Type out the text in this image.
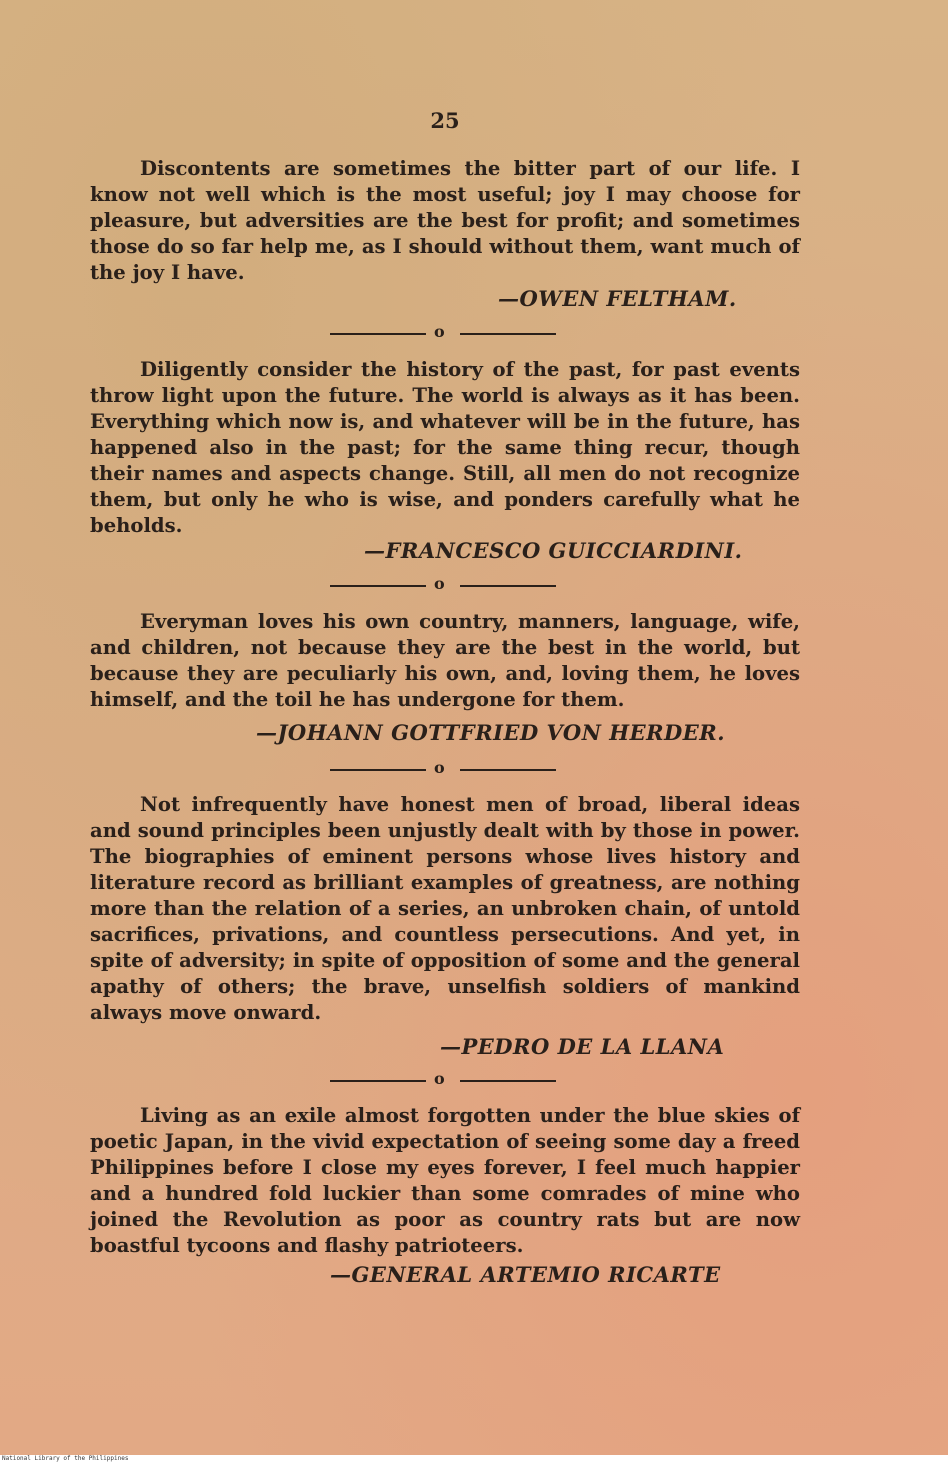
25

Discontents are sometimes the bitter part of our life. I know not well which is the most useful; joy I may choose for pleasure, but adversities are the best for profit; and sometimes those do so far help me, as I should without them, want much of the joy I have.

—OWEN FELTHAM.
o

Diligently consider the history of the past, for past events throw light upon the future. The world is always as it has been. Everything which now is, and whatever will be in the future, has happened also in the past; for the same thing recur, though their names and aspects change. Still, all men do not recognize them, but only he who is wise, and ponders carefully what he beholds.

—FRANCESCO GUICCIARDINI.
o

Everyman loves his own country, manners, language, wife, and children, not because they are the best in the world, but because they are peculiarly his own, and, loving them, he loves himself, and the toil he has undergone for them.

—JOHANN GOTTFRIED VON HERDER.
o

Not infrequently have honest men of broad, liberal ideas and sound principles been unjustly dealt with by those in power. The biographies of eminent persons whose lives history and literature record as brilliant examples of greatness, are nothing more than the relation of a series, an unbroken chain, of untold sacrifices, privations, and countless persecutions. And yet, in spite of adversity; in spite of opposition of some and the general apathy of others; the brave, unselfish soldiers of mankind always move onward.

—PEDRO DE LA LLANA
o

Living as an exile almost forgotten under the blue skies of poetic Japan, in the vivid expectation of seeing some day a freed Philippines before I close my eyes forever, I feel much happier and a hundred fold luckier than some comrades of mine who joined the Revolution as poor as country rats but are now boastful tycoons and flashy patrioteers.

—GENERAL ARTEMIO RICARTE
National Library of the Philippines
